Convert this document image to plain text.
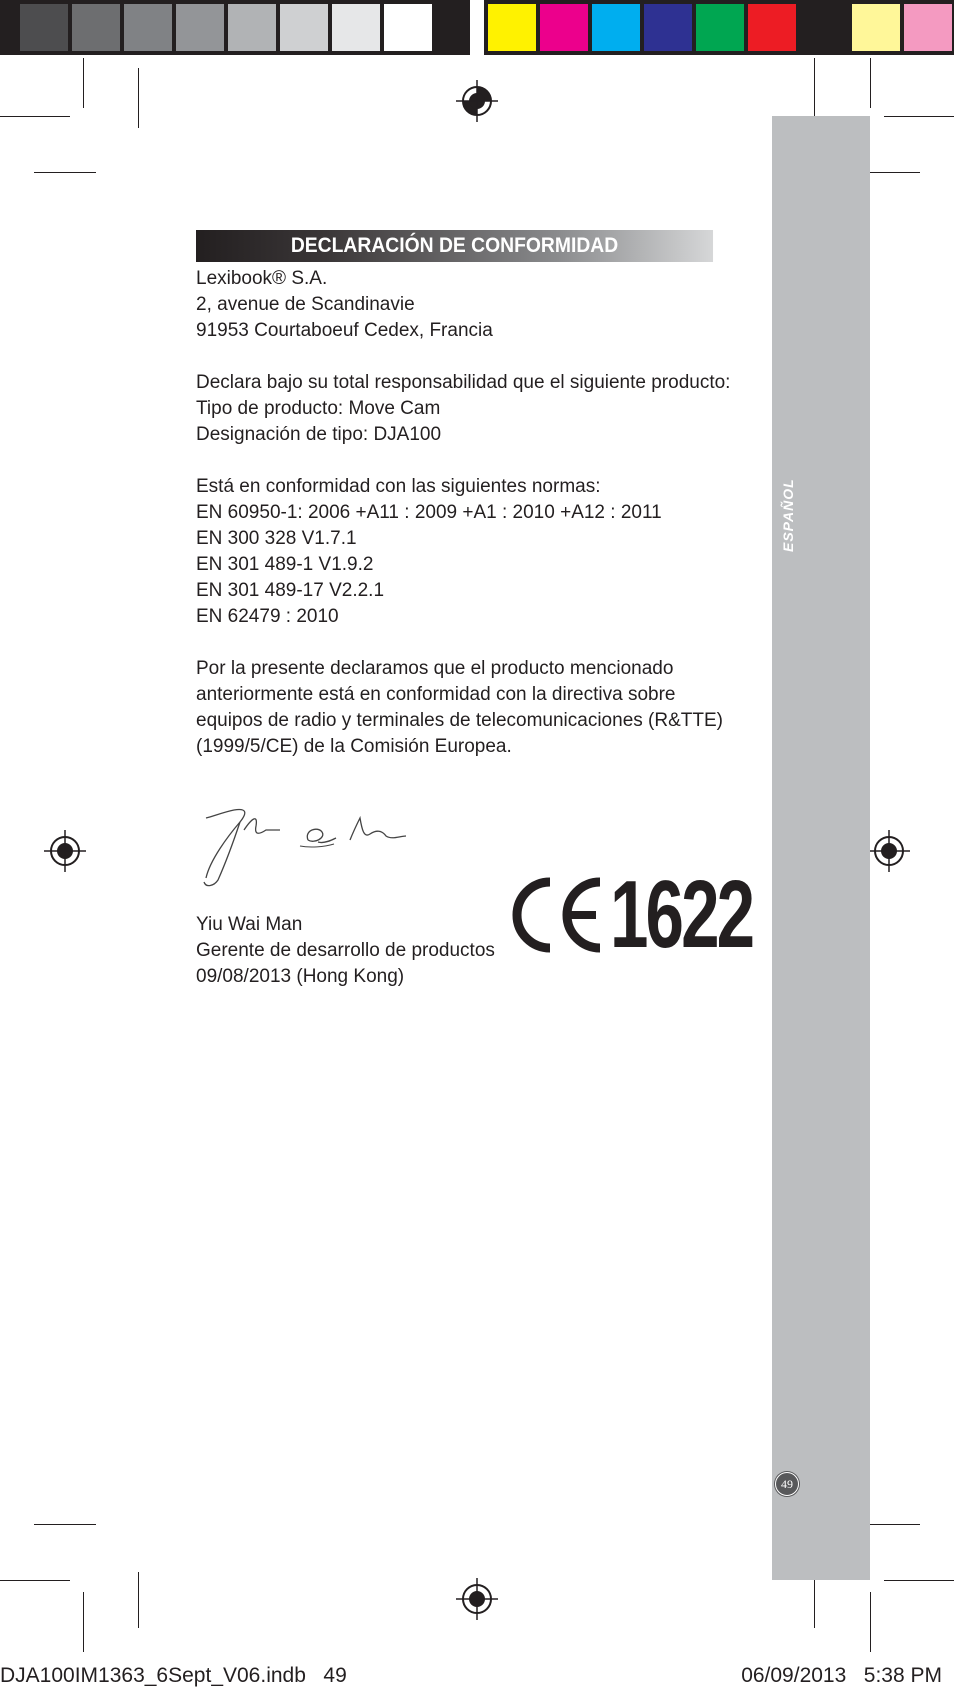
49
DECLARACIÓN DE CONFORMIDAD

Lexibook® S.A.

2, avenue de Scandinavie

91953 Courtaboeuf Cedex, Francia

Declara bajo su total responsabilidad que el siguiente producto:

Tipo de producto: Move Cam

Designación de tipo: DJA100

Está en conformidad con las siguientes normas:

EN 60950-1: 2006 +A11 : 2009 +A1 : 2010 +A12 : 2011

EN 300 328 V1.7.1

EN 301 489-1 V1.9.2

EN 301 489-17 V2.2.1

EN 62479 : 2010

Por la presente declaramos que el producto mencionado

anteriormente está en conformidad con la directiva sobre

equipos de radio y terminales de telecomunicaciones (R&TTE)

(1999/5/CE) de la Comisión Europea.

Yiu Wai Man

Gerente de desarrollo de productos

09/08/2013 (Hong Kong)

1622
DJA100IM1363_6Sept_V06.indb   49	06/09/2013   5:38 PM
